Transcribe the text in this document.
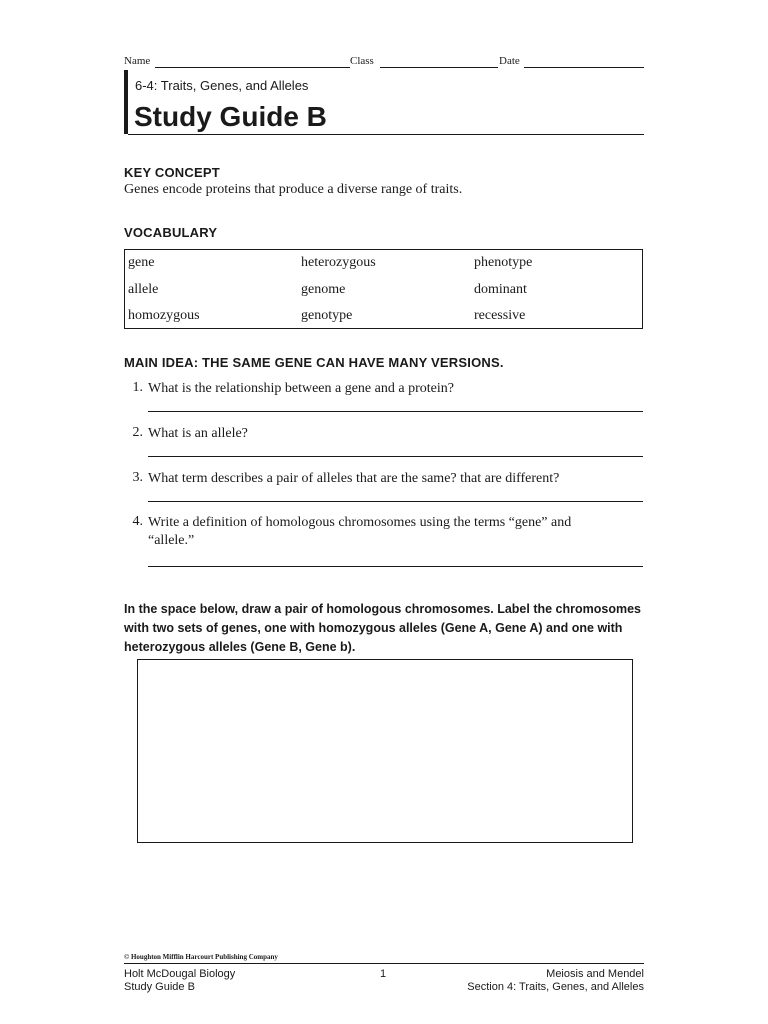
Name	Class	Date
6-4: Traits, Genes, and Alleles
Study Guide B
KEY CONCEPT
Genes encode proteins that produce a diverse range of traits.
VOCABULARY
gene	heterozygous	phenotype
allele	genome	dominant
homozygous	genotype	recessive
MAIN IDEA: THE SAME GENE CAN HAVE MANY VERSIONS.
1. What is the relationship between a gene and a protein?
2. What is an allele?
3. What term describes a pair of alleles that are the same? that are different?
4. Write a definition of homologous chromosomes using the terms “gene” and
“allele.”
In the space below, draw a pair of homologous chromosomes. Label the chromosomes with two sets of genes, one with homozygous alleles (Gene A, Gene A) and one with heterozygous alleles (Gene B, Gene b).
© Houghton Mifflin Harcourt Publishing Company
Holt McDougal Biology
Study Guide B
1	Meiosis and Mendel
Section 4: Traits, Genes, and Alleles
